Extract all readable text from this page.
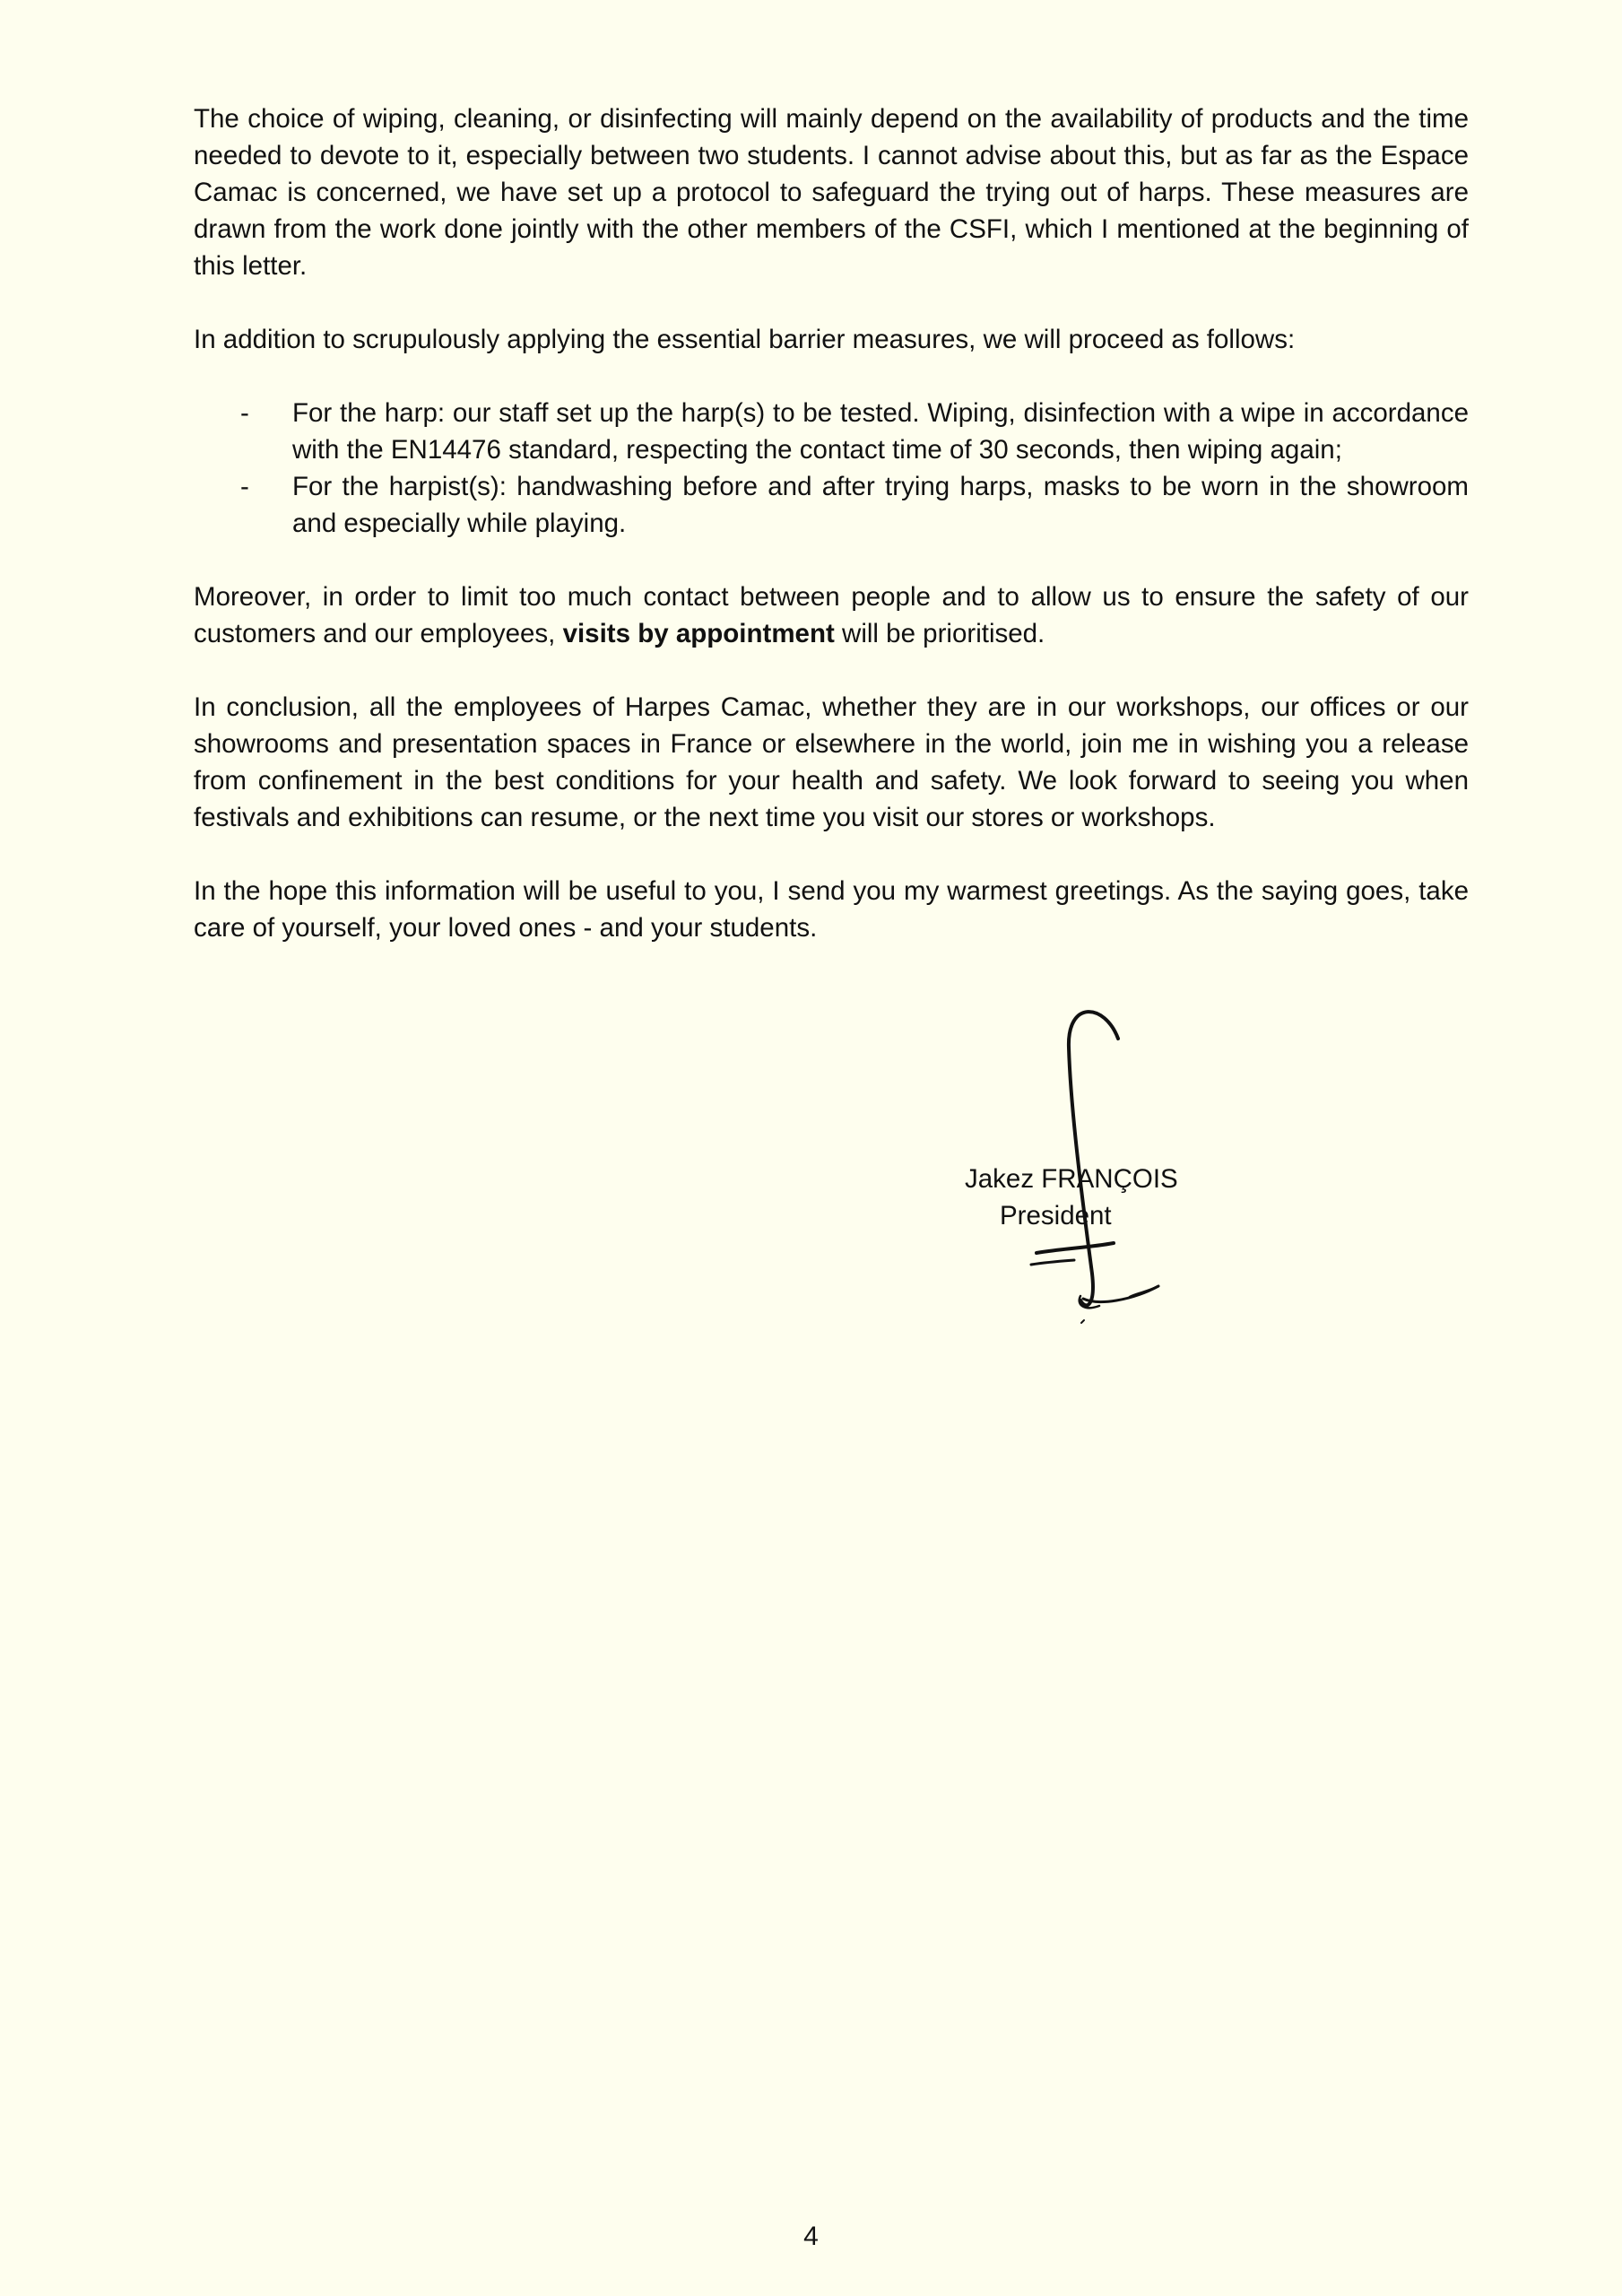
The choice of wiping, cleaning, or disinfecting will mainly depend on the availability of products and the time needed to devote to it, especially between two students. I cannot advise about this, but as far as the Espace Camac is concerned, we have set up a protocol to safeguard the trying out of harps. These measures are drawn from the work done jointly with the other members of the CSFI, which I mentioned at the beginning of this letter.

In addition to scrupulously applying the essential barrier measures, we will proceed as follows:

- For the harp: our staff set up the harp(s) to be tested. Wiping, disinfection with a wipe in accordance with the EN14476 standard, respecting the contact time of 30 seconds, then wiping again;
- For the harpist(s): handwashing before and after trying harps, masks to be worn in the showroom and especially while playing.

Moreover, in order to limit too much contact between people and to allow us to ensure the safety of our customers and our employees, visits by appointment will be prioritised.

In conclusion, all the employees of Harpes Camac, whether they are in our workshops, our offices or our showrooms and presentation spaces in France or elsewhere in the world, join me in wishing you a release from confinement in the best conditions for your health and safety. We look forward to seeing you when festivals and exhibitions can resume, or the next time you visit our stores or workshops.

In the hope this information will be useful to you, I send you my warmest greetings. As the saying goes, take care of yourself, your loved ones - and your students.

Jakez FRANÇOIS
President
4
